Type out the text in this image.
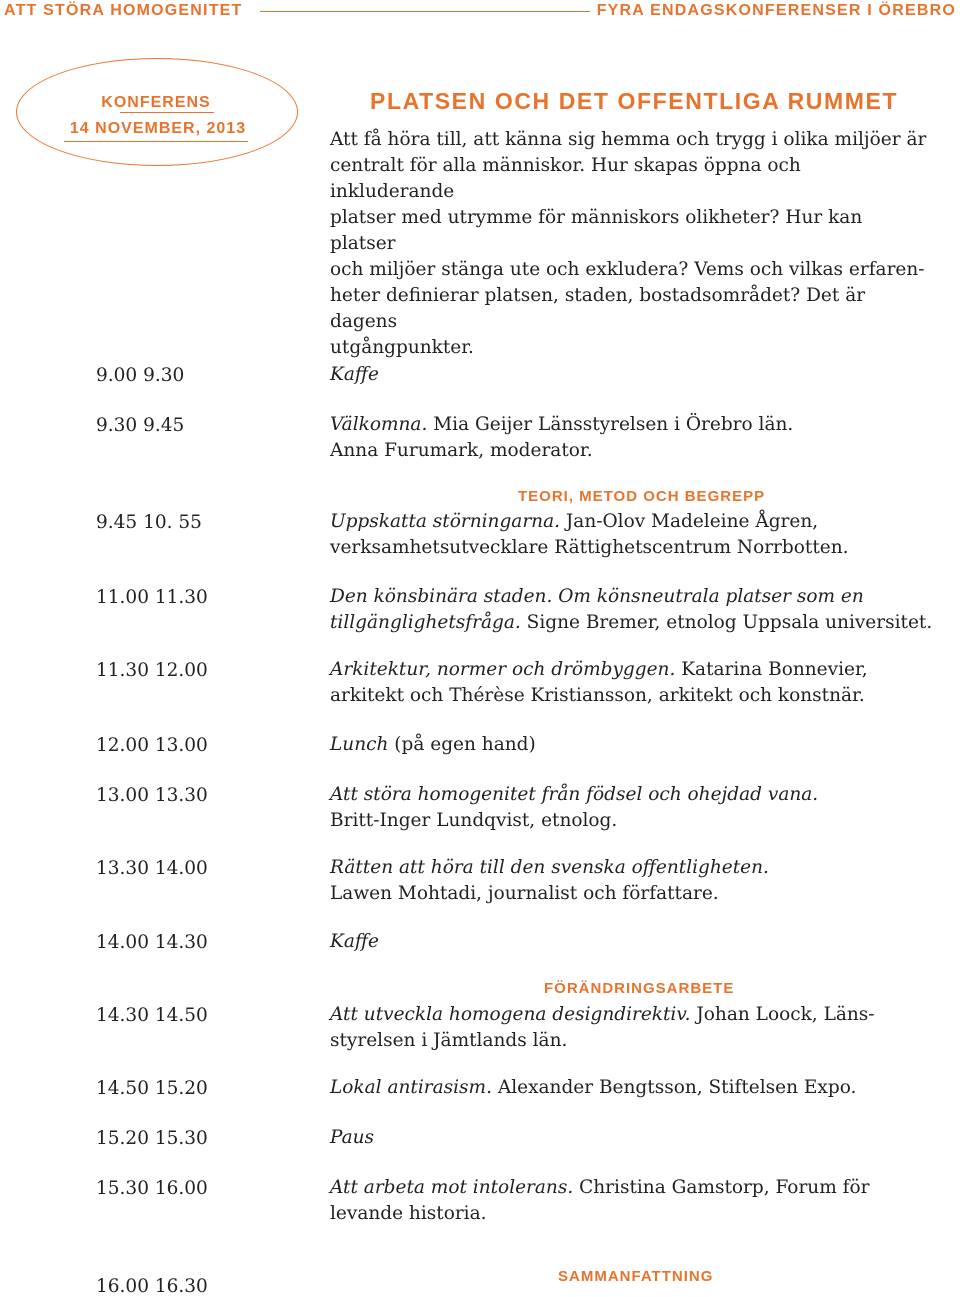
ATT STÖRA HOMOGENITET	FYRA ENDAGSKONFERENSER I ÖREBRO
KONFERENS
14 NOVEMBER, 2013
PLATSEN OCH DET OFFENTLIGA RUMMET
Att få höra till, att känna sig hemma och trygg i olika miljöer är
centralt för alla människor. Hur skapas öppna och inkluderande
platser med utrymme för människors olikheter? Hur kan platser
och miljöer stänga ute och exkludera? Vems och vilkas erfaren-
heter definierar platsen, staden, bostadsområdet? Det är dagens
utgångpunkter.
TEORI, METOD OCH BEGREPP
FÖRÄNDRINGSARBETE
SAMMANFATTNING
9.00 9.30	Kaffe
9.30 9.45	Välkomna. Mia Geijer Länsstyrelsen i Örebro län.
Anna Furumark, moderator.
9.45 10. 55	Uppskatta störningarna. Jan-Olov Madeleine Ågren,
verksamhetsutvecklare Rättighetscentrum Norrbotten.
11.00 11.30	Den könsbinära staden. Om könsneutrala platser som en
tillgänglighetsfråga. Signe Bremer, etnolog Uppsala universitet.
11.30 12.00	Arkitektur, normer och drömbyggen. Katarina Bonnevier,
arkitekt och Thérèse Kristiansson, arkitekt och konstnär.
12.00 13.00	Lunch (på egen hand)
13.00 13.30	Att störa homogenitet från födsel och ohejdad vana.
Britt-Inger Lundqvist, etnolog.
13.30 14.00	Rätten att höra till den svenska offentligheten.
Lawen Mohtadi, journalist och författare.
14.00 14.30	Kaffe
14.30 14.50	Att utveckla homogena designdirektiv. Johan Loock, Läns-
styrelsen i Jämtlands län.
14.50 15.20	Lokal antirasism. Alexander Bengtsson, Stiftelsen Expo.
15.20 15.30	Paus
15.30 16.00	Att arbeta mot intolerans. Christina Gamstorp, Forum för
levande historia.
16.00 16.30
